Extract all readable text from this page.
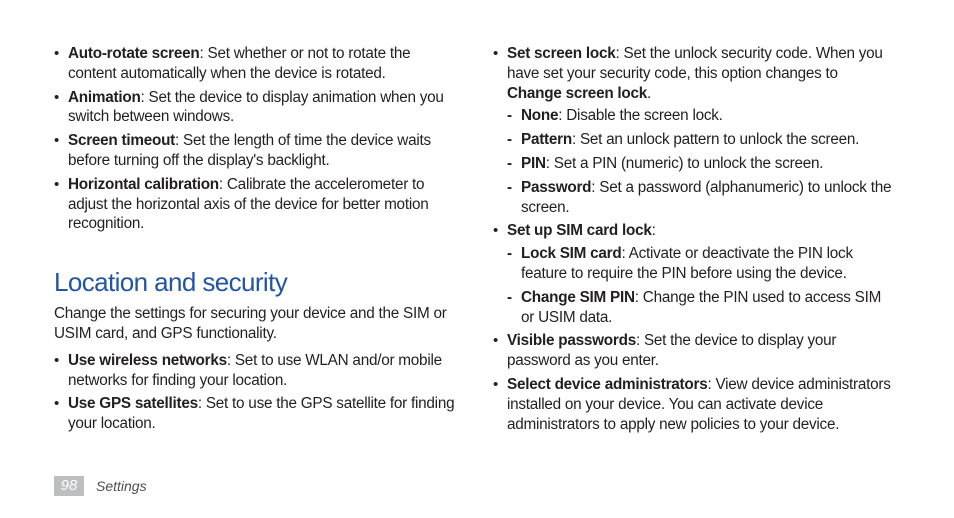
• Auto-rotate screen: Set whether or not to rotate the content automatically when the device is rotated.
• Animation: Set the device to display animation when you switch between windows.
• Screen timeout: Set the length of time the device waits before turning off the display's backlight.
• Horizontal calibration: Calibrate the accelerometer to adjust the horizontal axis of the device for better motion recognition.
Location and security

Change the settings for securing your device and the SIM or USIM card, and GPS functionality.

• Use wireless networks: Set to use WLAN and/or mobile networks for finding your location.
• Use GPS satellites: Set to use the GPS satellite for finding your location.
• Set screen lock: Set the unlock security code. When you have set your security code, this option changes to Change screen lock.
- None: Disable the screen lock.
- Pattern: Set an unlock pattern to unlock the screen.
- PIN: Set a PIN (numeric) to unlock the screen.
- Password: Set a password (alphanumeric) to unlock the screen.
• Set up SIM card lock:
- Lock SIM card: Activate or deactivate the PIN lock feature to require the PIN before using the device.
- Change SIM PIN: Change the PIN used to access SIM or USIM data.
• Visible passwords: Set the device to display your password as you enter.
• Select device administrators: View device administrators installed on your device. You can activate device administrators to apply new policies to your device.
98	Settings
